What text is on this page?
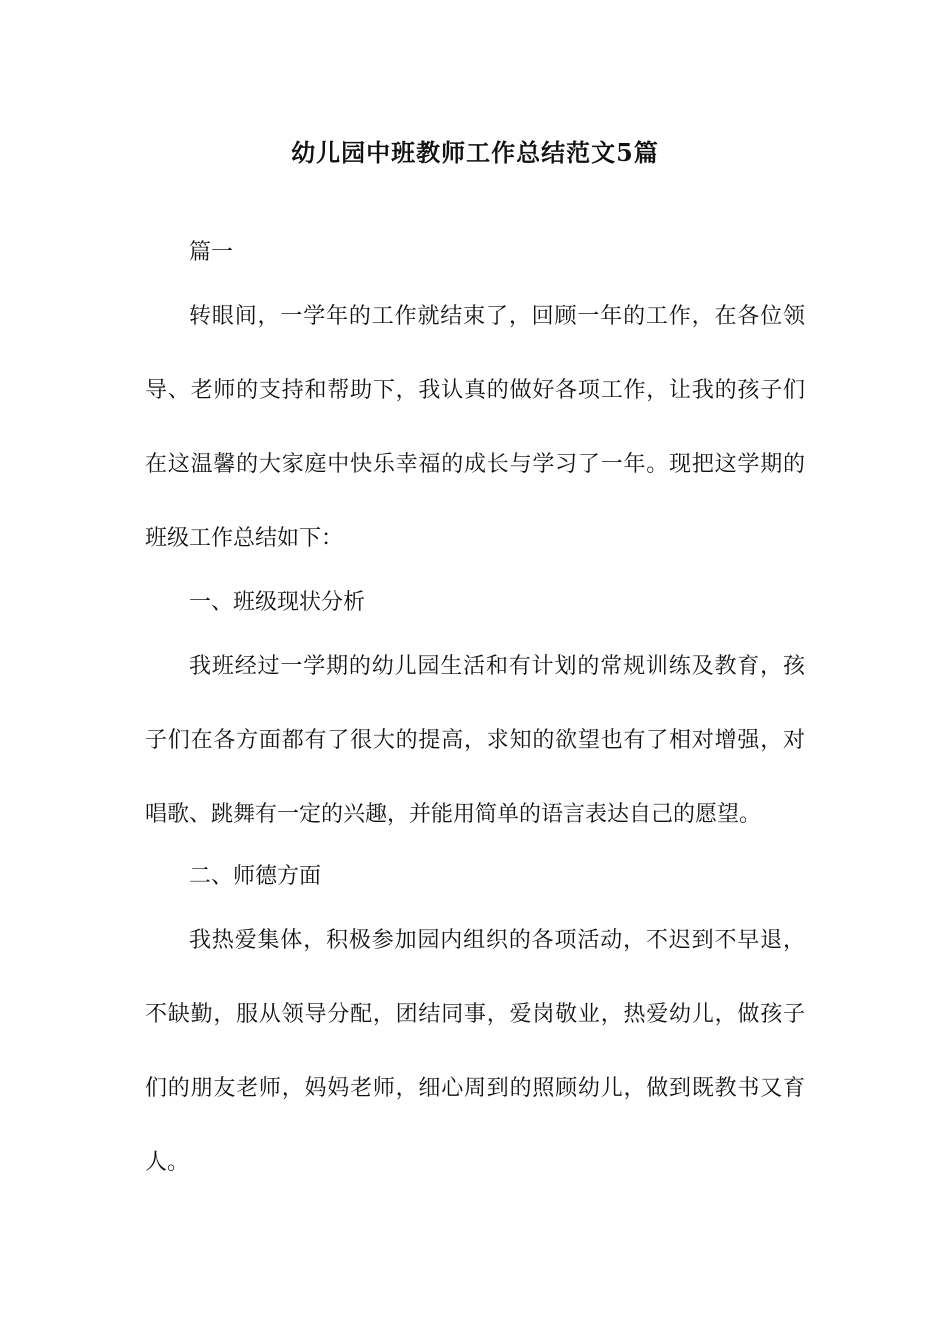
幼儿园中班教师工作总结范文5篇

篇一

转眼间，一学年的工作就结束了，回顾一年的工作，在各位领

导、老师的支持和帮助下，我认真的做好各项工作，让我的孩子们

在这温馨的大家庭中快乐幸福的成长与学习了一年。现把这学期的

班级工作总结如下：

一、班级现状分析

我班经过一学期的幼儿园生活和有计划的常规训练及教育，孩

子们在各方面都有了很大的提高，求知的欲望也有了相对增强，对

唱歌、跳舞有一定的兴趣，并能用简单的语言表达自己的愿望。

二、师德方面

我热爱集体，积极参加园内组织的各项活动，不迟到不早退，

不缺勤，服从领导分配，团结同事，爱岗敬业，热爱幼儿，做孩子

们的朋友老师，妈妈老师，细心周到的照顾幼儿，做到既教书又育

人。
